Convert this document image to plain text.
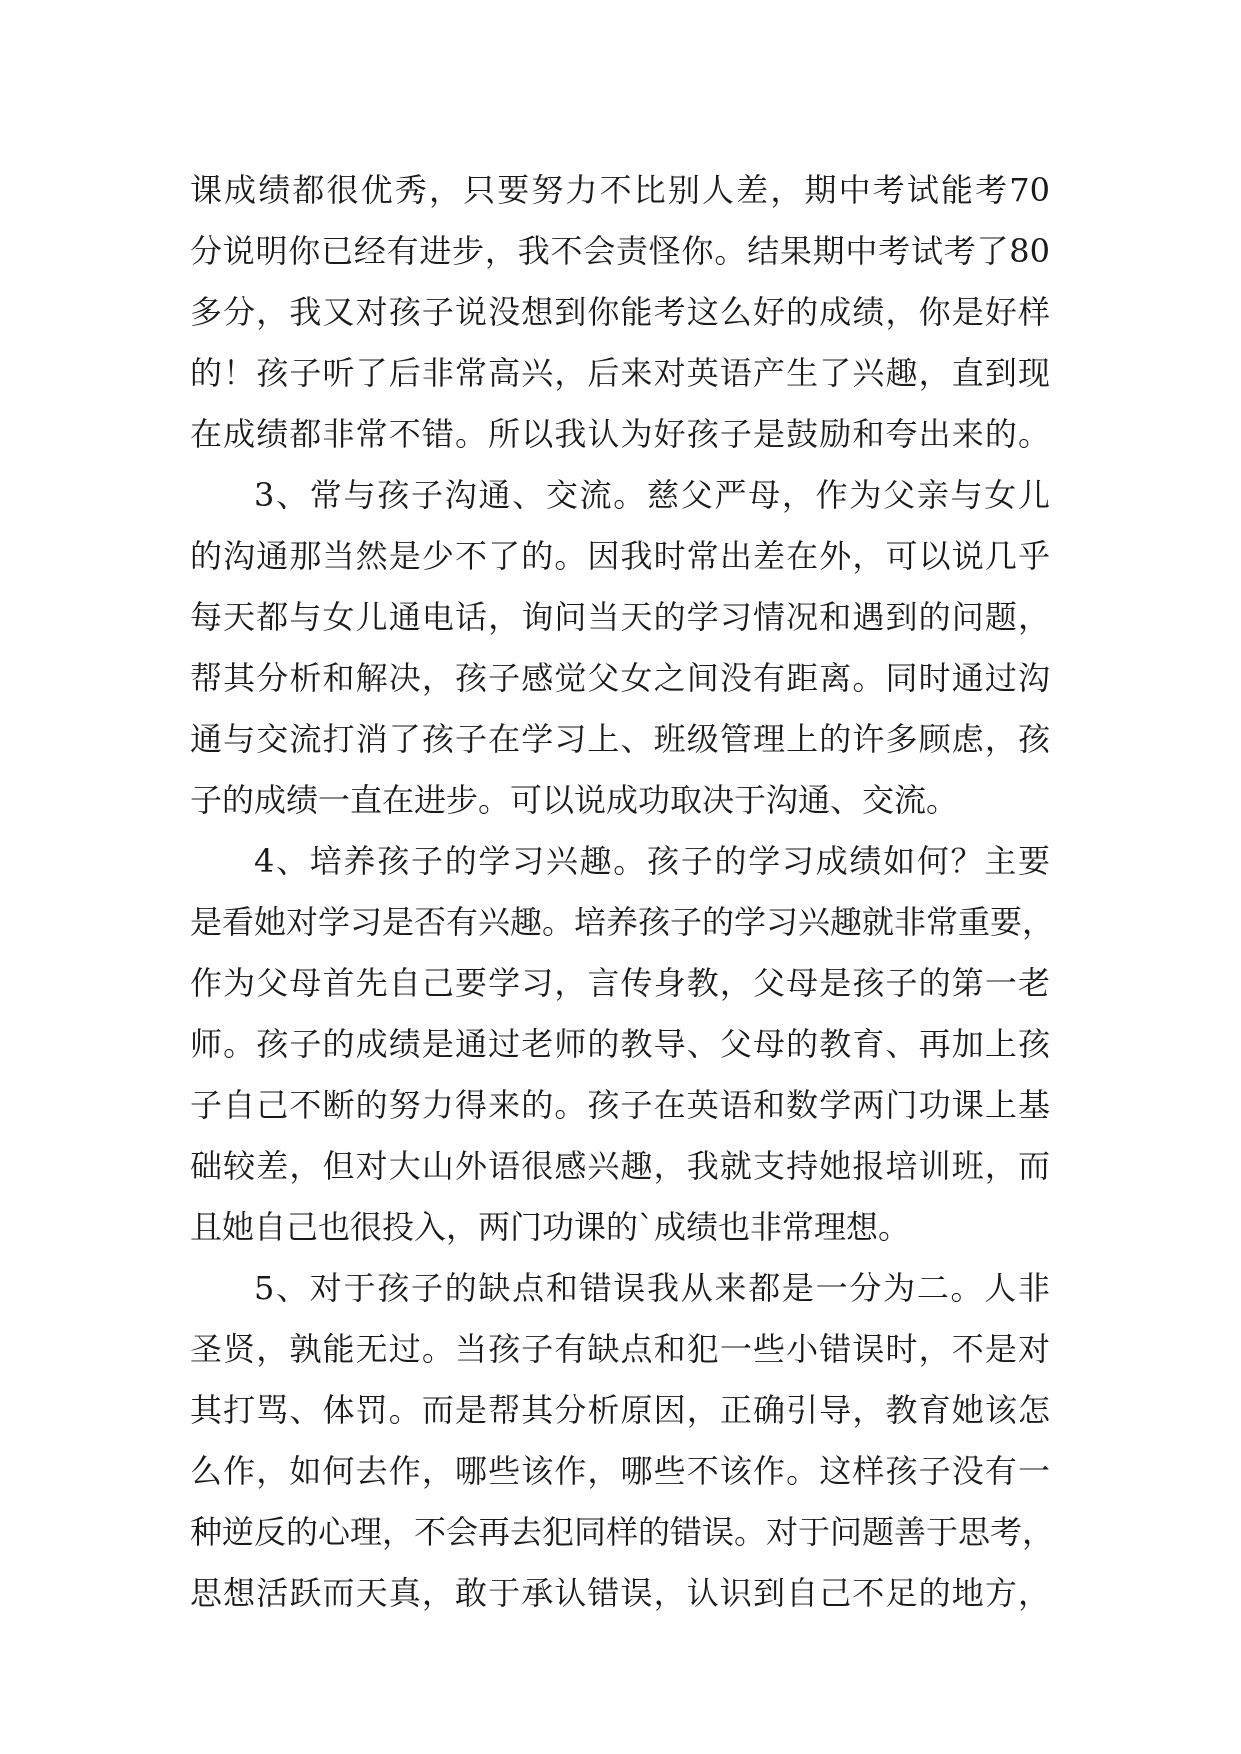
课成绩都很优秀，只要努力不比别人差，期中考试能考70
分说明你已经有进步，我不会责怪你。结果期中考试考了80
多分，我又对孩子说没想到你能考这么好的成绩，你是好样
的！孩子听了后非常高兴，后来对英语产生了兴趣，直到现
在成绩都非常不错。所以我认为好孩子是鼓励和夸出来的。
3、常与孩子沟通、交流。慈父严母，作为父亲与女儿
的沟通那当然是少不了的。因我时常出差在外，可以说几乎
每天都与女儿通电话，询问当天的学习情况和遇到的问题，
帮其分析和解决，孩子感觉父女之间没有距离。同时通过沟
通与交流打消了孩子在学习上、班级管理上的许多顾虑，孩
子的成绩一直在进步。可以说成功取决于沟通、交流。
4、培养孩子的学习兴趣。孩子的学习成绩如何？主要
是看她对学习是否有兴趣。培养孩子的学习兴趣就非常重要，
作为父母首先自己要学习，言传身教，父母是孩子的第一老
师。孩子的成绩是通过老师的教导、父母的教育、再加上孩
子自己不断的努力得来的。孩子在英语和数学两门功课上基
础较差，但对大山外语很感兴趣，我就支持她报培训班，而
且她自己也很投入，两门功课的`成绩也非常理想。
5、对于孩子的缺点和错误我从来都是一分为二。人非
圣贤，孰能无过。当孩子有缺点和犯一些小错误时，不是对
其打骂、体罚。而是帮其分析原因，正确引导，教育她该怎
么作，如何去作，哪些该作，哪些不该作。这样孩子没有一
种逆反的心理，不会再去犯同样的错误。对于问题善于思考，
思想活跃而天真，敢于承认错误，认识到自己不足的地方，
